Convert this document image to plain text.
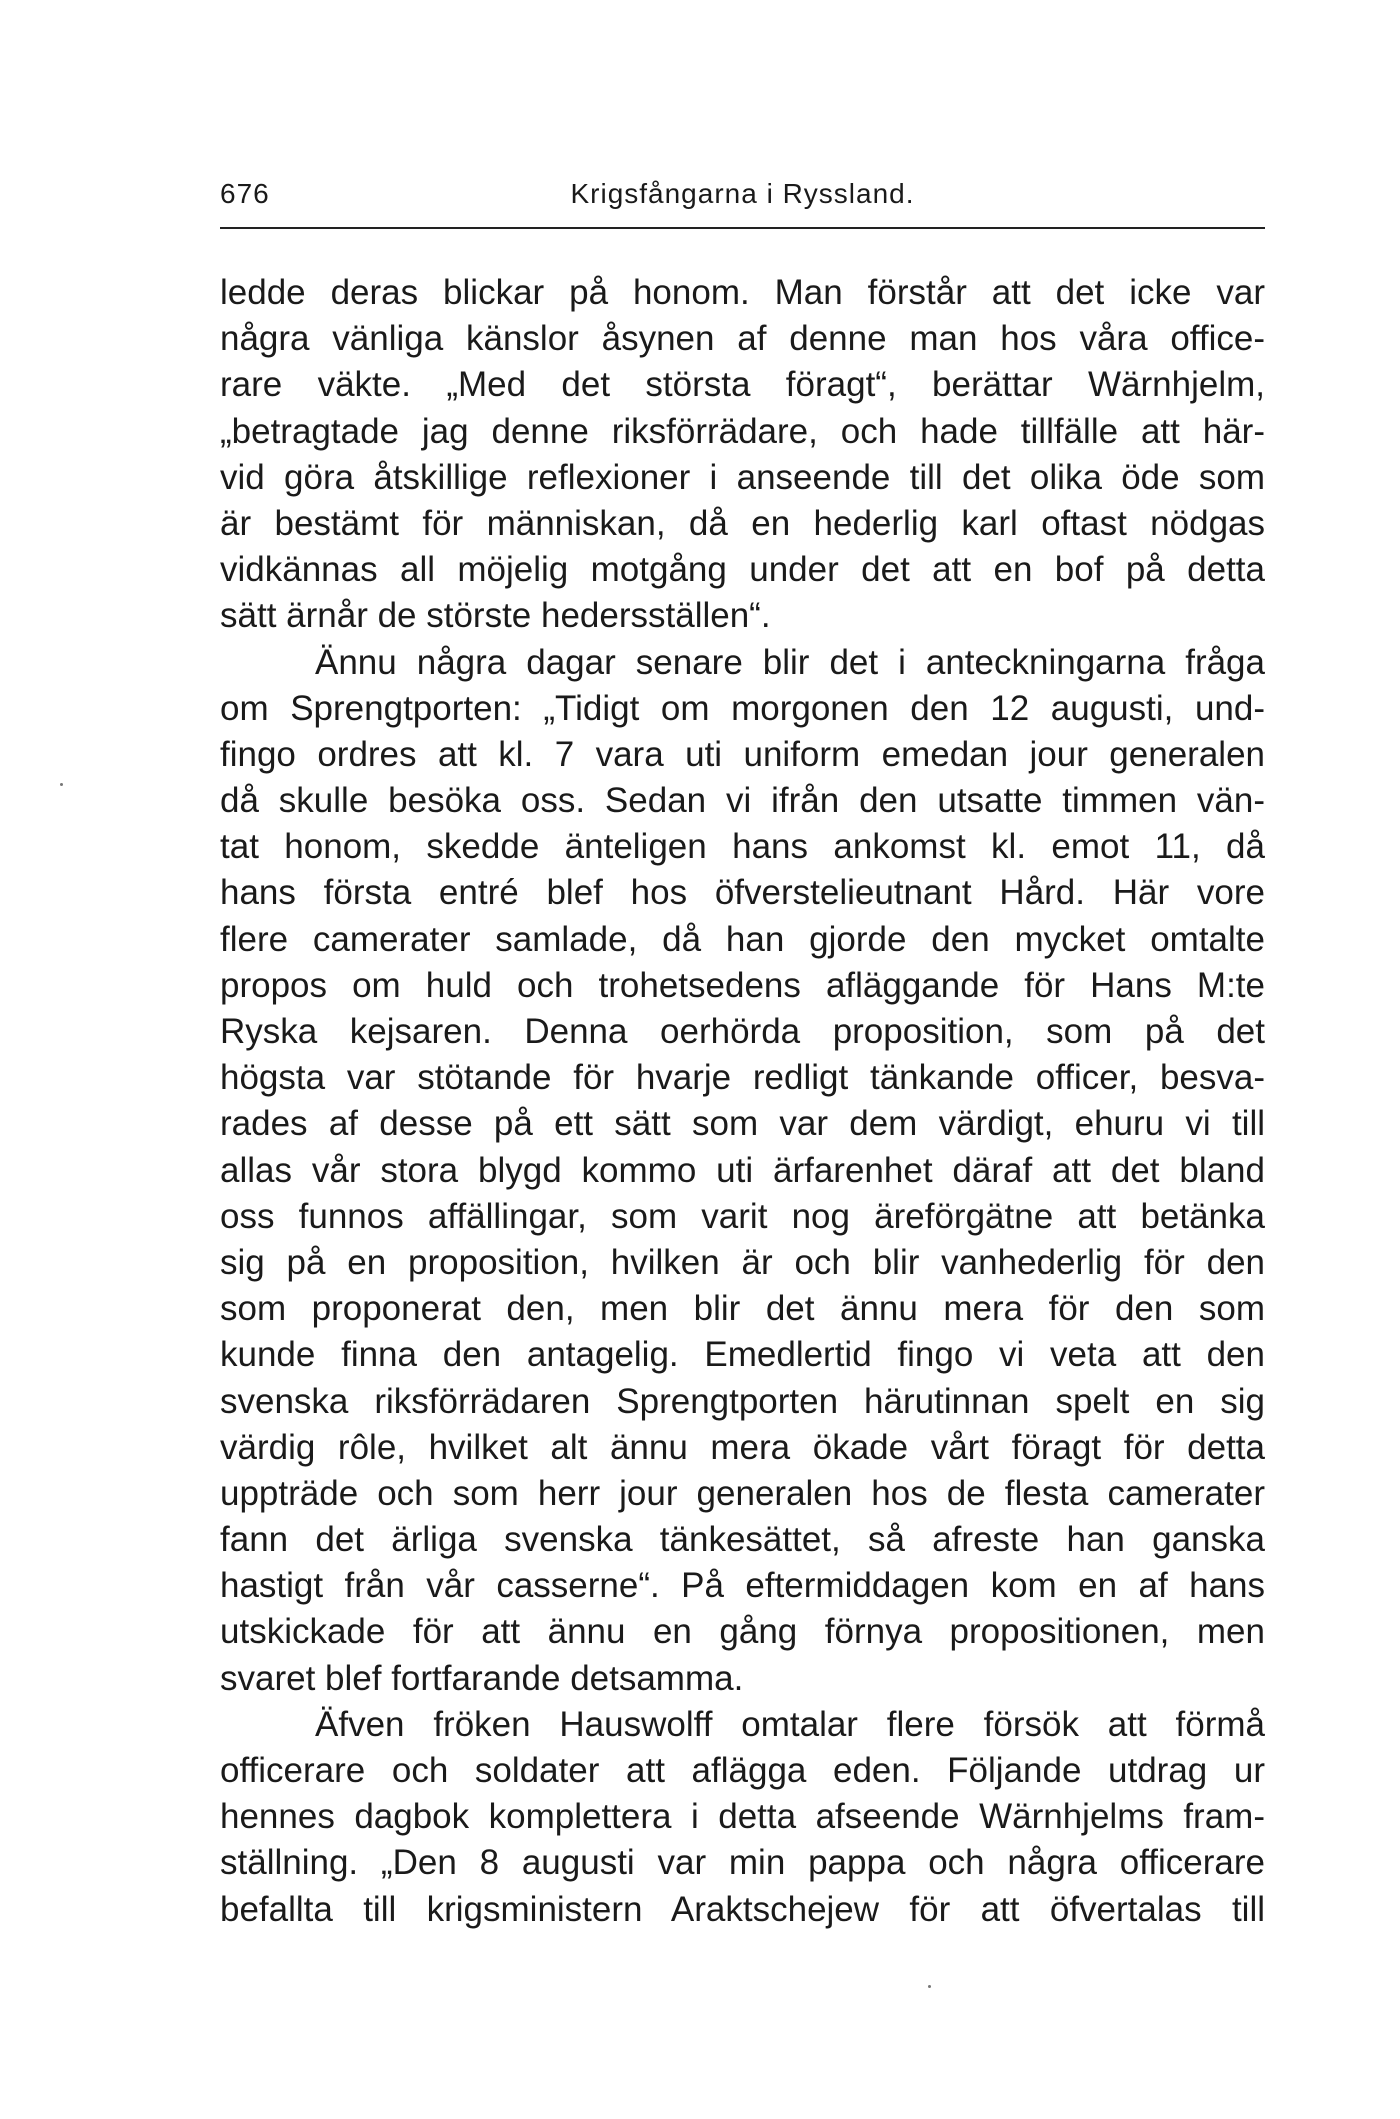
676	Krigsfångarna i Ryssland.
ledde deras blickar på honom. Man förstår att det icke var
några vänliga känslor åsynen af denne man hos våra office-
rare väkte. „Med det största föragt“, berättar Wärnhjelm,
„betragtade jag denne riksförrädare, och hade tillfälle att här-
vid göra åtskillige reflexioner i anseende till det olika öde som
är bestämt för människan, då en hederlig karl oftast nödgas
vidkännas all möjelig motgång under det att en bof på detta
sätt ärnår de störste hedersställen“.
Ännu några dagar senare blir det i anteckningarna fråga
om Sprengtporten: „Tidigt om morgonen den 12 augusti, und-
fingo ordres att kl. 7 vara uti uniform emedan jour generalen
då skulle besöka oss. Sedan vi ifrån den utsatte timmen vän-
tat honom, skedde änteligen hans ankomst kl. emot 11, då
hans första entré blef hos öfverstelieutnant Hård. Här vore
flere camerater samlade, då han gjorde den mycket omtalte
propos om huld och trohetsedens afläggande för Hans M:te
Ryska kejsaren. Denna oerhörda proposition, som på det
högsta var stötande för hvarje redligt tänkande officer, besva-
rades af desse på ett sätt som var dem värdigt, ehuru vi till
allas vår stora blygd kommo uti ärfarenhet däraf att det bland
oss funnos affällingar, som varit nog äreförgätne att betänka
sig på en proposition, hvilken är och blir vanhederlig för den
som proponerat den, men blir det ännu mera för den som
kunde finna den antagelig. Emedlertid fingo vi veta att den
svenska riksförrädaren Sprengtporten härutinnan spelt en sig
värdig rôle, hvilket alt ännu mera ökade vårt föragt för detta
uppträde och som herr jour generalen hos de flesta camerater
fann det ärliga svenska tänkesättet, så afreste han ganska
hastigt från vår casserne“. På eftermiddagen kom en af hans
utskickade för att ännu en gång förnya propositionen, men
svaret blef fortfarande detsamma.
Äfven fröken Hauswolff omtalar flere försök att förmå
officerare och soldater att aflägga eden. Följande utdrag ur
hennes dagbok komplettera i detta afseende Wärnhjelms fram-
ställning. „Den 8 augusti var min pappa och några officerare
befallta till krigsministern Araktschejew för att öfvertalas till
